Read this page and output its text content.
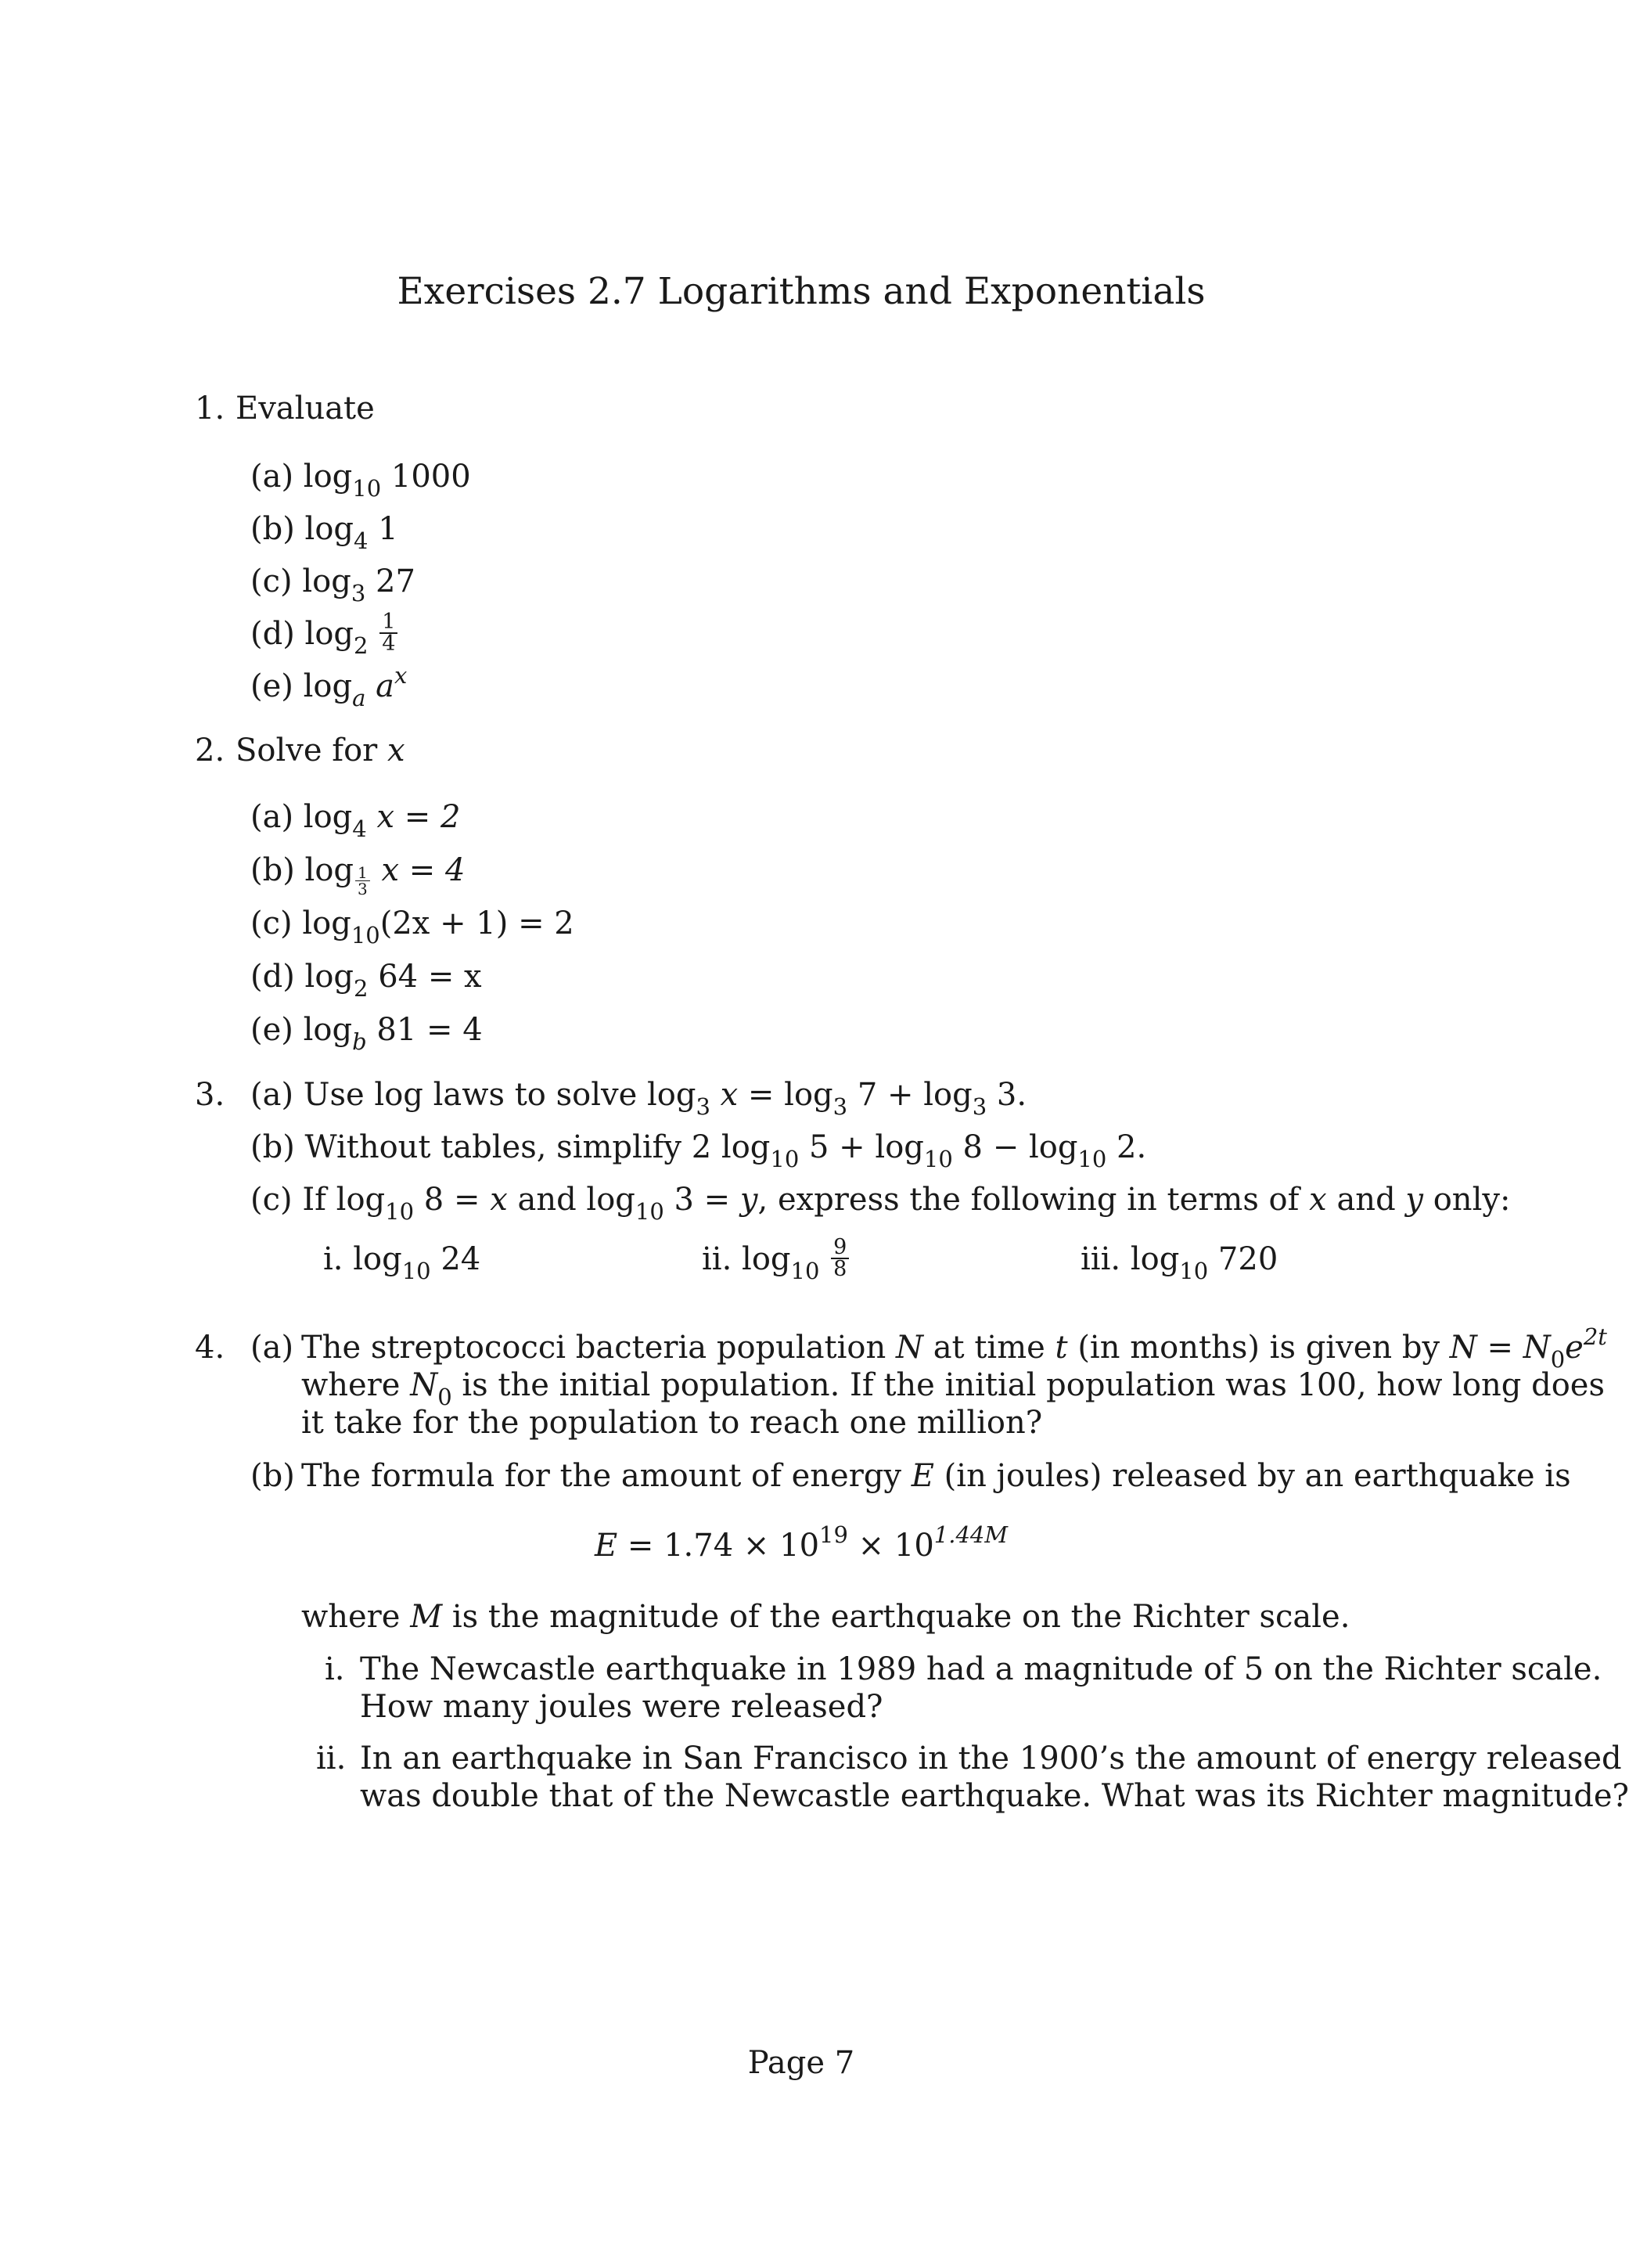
Exercises 2.7 Logarithms and Exponentials
1. Evaluate
(a) $\log_{10} 1000$
(b) $\log_4 1$
(c) $\log_3 27$
(d) $\log_2 \frac{1}{4}$
(e) $\log_a a^x$
2. Solve for x
(a) $\log_4 x = 2$
(b) $\log \frac{1}{3}$ x = 4
(c) $\log_{10}(2x + 1) = 2$
(d) $\log_2 64 = x$
(e) $\log_b 81 = 4$
3. (a) Use log laws to solve $\log_3 x = \log_3 7 + \log_3 3$.
(b) Without tables, simplify 2 $\log_{10} 5 + \log_{10} 8 - \log_{10} 2$.
(c) If $\log_{10} 8 = x$ and $\log_{10} 3 = y$, express the following in terms of x and y only:
i. $\log_{10} 24$	ii. $\log_{10} \frac{9}{8}$	iii. $\log_{10} 720$
4. (a) The streptococci bacteria population N at time t (in months) is given by $N = N_0e^{2t}$
where $N_0$ is the initial population. If the initial population was 100, how long does
it take for the population to reach one million?
(b) The formula for the amount of energy E (in joules) released by an earthquake is
$E = 1.74 \times 10^{19} \times 10^{1.44M}$
where M is the magnitude of the earthquake on the Richter scale.
i. The Newcastle earthquake in 1989 had a magnitude of 5 on the Richter scale.
How many joules were released?
ii. In an earthquake in San Francisco in the 1900’s the amount of energy released
was double that of the Newcastle earthquake. What was its Richter magnitude?
Page 7
